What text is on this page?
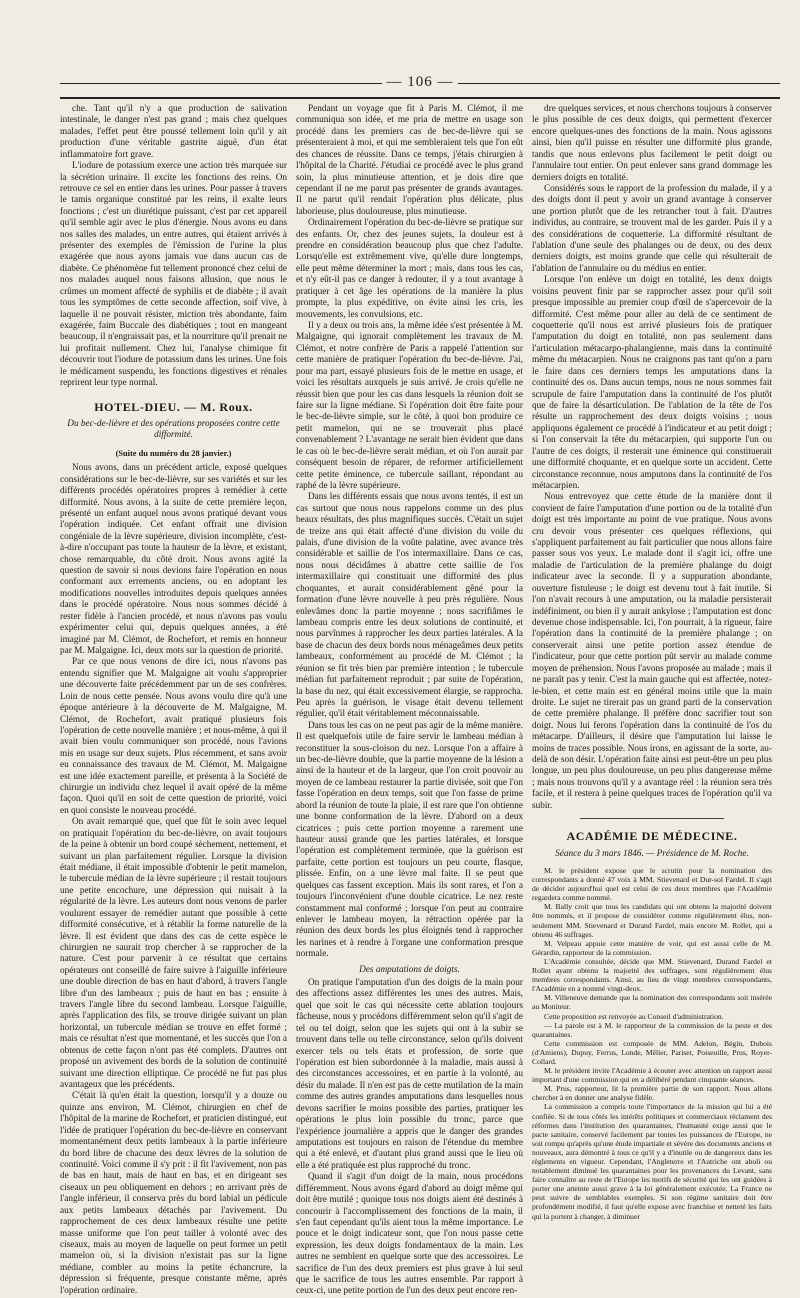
— 106 —

che. Tant qu'il n'y a que production de salivation intestinale, le danger n'est pas grand ; mais chez quelques malades, l'effet peut être poussé tellement loin qu'il y ait production d'une véritable gastrite aiguë, d'un état inflammatoire fort grave.

L'iodure de potassium exerce une action très marquée sur la sécrétion urinaire. Il excite les fonctions des reins. On retrouve ce sel en entier dans les urines. Pour passer à travers le tamis organique constitué par les reins, il exalte leurs fonctions ; c'est un diurétique puissant, c'est par cet appareil qu'il semble agir avec le plus d'énergie. Nous avons eu dans nos salles des malades, un entre autres, qui étaient arrivés à présenter des exemples de l'émission de l'urine la plus exagérée que nous ayons jamais vue dans aucun cas de diabète. Ce phénomène fut tellement prononcé chez celui de nos malades auquel nous faisons allusion, que nous le crûmes un moment affecté de syphilis et de diabète ; il avait tous les symptômes de cette seconde affection, soif vive, à laquelle il ne pouvait résister, miction très abondante, faim exagérée, faim Buccale des diabétiques ; tout en mangeant beaucoup, il n'engraissait pas, et la nourriture qu'il prenait ne lui profitait nullement. Chez lui, l'analyse chimique fit découvrir tout l'iodure de potassium dans les urines. Une fois le médicament suspendu, les fonctions digestives et rénales reprirent leur type normal.

HOTEL-DIEU. — M. Roux.
Du bec-de-lièvre et des opérations proposées contre cette difformité.
(Suite du numéro du 28 janvier.)

Nous avons, dans un précédent article, exposé quelques considérations sur le bec-de-lièvre, sur ses variétés et sur les différents procédés opératoires propres à remédier à cette difformité. Nous avons, à la suite de cette première leçon, présenté un enfant auquel nous avons pratiqué devant vous l'opération indiquée. Cet enfant offrait une division congéniale de la lèvre supérieure, division incomplète, c'est-à-dire n'occupant pas toute la hauteur de la lèvre, et existant, chose remarquable, du côté droit. Nous avons agité la question de savoir si nous devions faire l'opération en nous conformant aux errements anciens, ou en adoptant les modifications nouvelles introduites depuis quelques années dans le procédé opératoire. Nous nous sommes décidé à rester fidèle à l'ancien procédé, et nous n'avons pas voulu expérimenter celui qui, depuis quelques années, a été imaginé par M. Clémot, de Rochefort, et remis en honneur par M. Malgaigne. Ici, deux mots sur la question de priorité.

Par ce que nous venons de dire ici, nous n'avons pas entendu signifier que M. Malgaigne ait voulu s'approprier une découverte faite précédemment par un de ses confrères. Loin de nous cette pensée. Nous avons voulu dire qu'à une époque antérieure à la découverte de M. Malgaigne, M. Clémot, de Rochefort, avait pratiqué plusieurs fois l'opération de cette nouvelle manière ; et nous-même, à qui il avait bien voulu communiquer son procédé, nous l'avions mis en usage sur deux sujets. Plus récemment, et sans avoir eu connaissance des travaux de M. Clémot, M. Malgaigne est une idée exactement pareille, et présenta à la Société de chirurgie un individu chez lequel il avait opéré de la même façon. Quoi qu'il en soit de cette question de priorité, voici en quoi consiste le nouveau procédé.

On avait remarqué que, quel que fût le soin avec lequel on pratiquait l'opération du bec-de-lièvre, on avait toujours de la peine à obtenir un bord coupé sèchement, nettement, et suivant un plan parfaitement régulier. Lorsque la division était médiane, il était impossible d'obtenir le petit mamelon, le tubercule médian de la lèvre supérieure ; il restait toujours une petite encochure, une dépression qui nuisait à la régularité de la lèvre. Les auteurs dont nous venons de parler voulurent essayer de remédier autant que possible à cette difformité consécutive, et à rétablir la forme naturelle de la lèvre. Il est évident que dans des cas de cette espèce le chirurgien ne saurait trop chercher à se rapprocher de la nature. C'est pour parvenir à ce résultat que certains opérateurs ont conseillé de faire suivre à l'aiguille inférieure une double direction de bas en haut d'abord, à travers l'angle libre d'un des lambeaux ; puis de haut en bas ; ensuite à travers l'angle libre du second lambeau. Lorsque l'aiguille, après l'application des fils, se trouve dirigée suivant un plan horizontal, un tubercule médian se trouve en effet formé ; mais ce résultat n'est que momentané, et les succès que l'on a obtenus de cette façon n'ont pas été complets. D'autres ont proposé un avivement des bords de la solution de continuité suivant une direction elliptique. Ce procédé ne fut pas plus avantageux que les précédents.

C'était là qu'en était la question, lorsqu'il y a douze ou quinze ans environ, M. Clémot, chirurgien en chef de l'hôpital de la marine de Rochefort, et praticien distingué, eut l'idée de pratiquer l'opération du bec-de-lièvre en conservant momentanément deux petits lambeaux à la partie inférieure du bord libre de chacune des deux lèvres de la solution de continuité. Voici comme il s'y prit : il fit l'avivement, non pas de bas en haut, mais de haut en bas, et en dirigeant ses ciseaux un peu obliquement en dehors ; en arrivant près de l'angle inférieur, il conserva près du bord labial un pédicule aux petits lambeaux détachés par l'avivement. Du rapprochement de ces deux lambeaux résulte une petite masse uniforme que l'on peut tailler à volonté avec des ciseaux, mais au moyen de laquelle on peut former un petit mamelon où, si la division n'existait pas sur la ligne médiane, combler au moins la petite échancrure, la dépression si fréquente, presque constante même, après l'opération ordinaire.

Pendant un voyage que fit à Paris M. Clémot, il me communiqua son idée, et me pria de mettre en usage son procédé dans les premiers cas de bec-de-lièvre qui se présenteraient à moi, et qui me sembleraient tels que l'on eût des chances de réussite. Dans ce temps, j'étais chirurgien à l'hôpital de la Charité. J'étudiai ce procédé avec le plus grand soin, la plus minutieuse attention, et je dois dire que cependant il ne me parut pas présenter de grands avantages. Il ne parut qu'il rendait l'opération plus délicate, plus laborieuse, plus douloureuse, plus minutieuse.

Ordinairement l'opération du bec-de-lièvre se pratique sur des enfants. Or, chez des jeunes sujets, la douleur est à prendre en considération beaucoup plus que chez l'adulte. Lorsqu'elle est extrêmement vive, qu'elle dure longtemps, elle peut même déterminer la mort ; mais, dans tous les cas, et n'y eût-il pas ce danger à redouter, il y a tout avantage à pratiquer à cet âge les opérations de la manière la plus prompte, la plus expéditive, on évite ainsi les cris, les mouvements, les convulsions, etc.

Il y a deux ou trois ans, la même idée s'est présentée à M. Malgaigne, qui ignorait complètement les travaux de M. Clémot, et notre confrère de Paris a rappelé l'attention sur cette manière de pratiquer l'opération du bec-de-lièvre. J'ai, pour ma part, essayé plusieurs fois de le mettre en usage, et voici les résultats auxquels je suis arrivé. Je crois qu'elle ne réussit bien que pour les cas dans lesquels la réunion doit se faire sur la ligne médiane. Si l'opération doit être faite pour le bec-de-lièvre simple, sur le côté, à quoi bon produire ce petit mamelon, qui ne se trouverait plus placé convenablement ? L'avantage ne serait bien évident que dans le cas où le bec-de-lièvre serait médian, et où l'on aurait par conséquent besoin de réparer, de reformer artificiellement cette petite éminence, ce tubercule saillant, répondant au raphé de la lèvre supérieure.

Dans les différents essais que nous avons tentés, il est un cas surtout que nous nous rappelons comme un des plus beaux résultats, des plus magnifiques succès. C'était un sujet de treize ans qui était affecté d'une division du voile du palais, d'une division de la voûte palatine, avec avance très considérable et saillie de l'os intermaxillaire. Dans ce cas, nous nous décidâmes à abattre cette saillie de l'os intermaxillaire qui constituait une difformité des plus choquantes, et aurait considérablement gêné pour la formation d'une lèvre nouvelle à peu près régulière. Nous enlevâmes donc la partie moyenne ; nous sacrifiâmes le lambeau compris entre les deux solutions de continuité, et nous parvînmes à rapprocher les deux parties latérales. A la base de chacun des deux bords nous ménageâmes deux petits lambeaux, conformément au procédé de M. Clémot ; la réunion se fit très bien par première intention ; le tubercule médian fut parfaitement reproduit ; par suite de l'opération, la base du nez, qui était excessivement élargie, se rapprocha. Peu après la guérison, le visage était devenu tellement régulier, qu'il était véritablement méconnaissable.

Dans tous les cas on ne peut pas agir de la même manière. Il est quelquefois utile de faire servir le lambeau médian à reconstituer la sous-cloison du nez. Lorsque l'on a affaire à un bec-de-lièvre double, que la partie moyenne de la lésion a ainsi de la hauteur et de la largeur, que l'on croit pouvoir au moyen de ce lambeau restaurer la partie divisée, soit que l'on fasse l'opération en deux temps, soit que l'on fasse de prime abord la réunion de toute la plaie, il est rare que l'on obtienne une bonne conformation de la lèvre. D'abord on a deux cicatrices ; puis cette portion moyenne a rarement une hauteur aussi grande que les parties latérales, et lorsque l'opération est complètement terminée, que la guérison est parfaite, cette portion est toujours un peu courte, flasque, plissée. Enfin, on a une lèvre mal faite. Il se peut que quelques cas fassent exception. Mais ils sont rares, et l'on a toujours l'inconvénient d'une double cicatrice. Le nez reste constamment mal conformé ; lorsque l'on peut au contraire enlever le lambeau moyen, la rétraction opérée par la réunion des deux bords les plus éloignés tend à rapprocher les narines et à rendre à l'organe une conformation presque normale.

Des amputations de doigts.

On pratique l'amputation d'un des doigts de la main pour des affections assez différentes les unes des autres. Mais, quel que soit le cas qui nécessite cette ablation toujours fâcheuse, nous y procédons différemment selon qu'il s'agit de tel ou tel doigt, selon que les sujets qui ont à la subir se trouvent dans telle ou telle circonstance, selon qu'ils doivent exercer tels ou tels états et profession, de sorte que l'opération est bien subordonnée à la maladie, mais aussi à des circonstances accessoires, et en partie à la volonté, au désir du malade. Il n'en est pas de cette mutilation de la main comme des autres grandes amputations dans lesquelles nous devons sacrifier le moins possible des parties, pratiquer les opérations le plus loin possible du tronc, parce que l'expérience journalière a appris que le danger des grandes amputations est toujours en raison de l'étendue du membre qui a été enlevé, et d'autant plus grand aussi que le lieu où elle a été pratiquée est plus rapproché du tronc.

Quand il s'agit d'un doigt de la main, nous procédons différemment. Nous avons égard d'abord au doigt même qui doit être mutilé ; quoique tous nos doigts aient été destinés à concourir à l'accomplissement des fonctions de la main, il s'en faut cependant qu'ils aient tous la même importance. Le pouce et le doigt indicateur sont, que l'on nous passe cette expression, les deux doigts fondamentaux de la main. Les autres ne semblent en quelque sorte que des accessoires. Le sacrifice de l'un des deux premiers est plus grave à lui seul que le sacrifice de tous les autres ensemble. Par rapport à ceux-ci, une petite portion de l'un des deux peut encore ren-

dre quelques services, et nous cherchons toujours à conserver le plus possible de ces deux doigts, qui permettent d'exercer encore quelques-unes des fonctions de la main. Nous agissons ainsi, bien qu'il puisse en résulter une difformité plus grande, tandis que nous enlevons plus facilement le petit doigt ou l'annulaire tout entier. On peut enlever sans grand dommage les derniers doigts en totalité.

Considérés sous le rapport de la profession du malade, il y a des doigts dont il peut y avoir un grand avantage à conserver une portion plutôt que de les retrancher tout à fait. D'autres individus, au contraire, se trouvent mal de les garder. Puis il y a des considérations de coquetterie. La difformité résultant de l'ablation d'une seule des phalanges ou de deux, ou des deux derniers doigts, est moins grande que celle qui résulterait de l'ablation de l'annulaire ou du médius en entier.

Lorsque l'on enlève un doigt en totalité, les deux doigts voisins peuvent finir par se rapprocher assez pour qu'il soit presque impossible au premier coup d'œil de s'apercevoir de la difformité. C'est même pour aller au delà de ce sentiment de coquetterie qu'il nous est arrivé plusieurs fois de pratiquer l'amputation du doigt en totalité, non pas seulement dans l'articulation métacarpo-phalangienne, mais dans la continuité même du métacarpien. Nous ne craignons pas tant qu'on a paru le faire dans ces derniers temps les amputations dans la continuité des os. Dans aucun temps, nous ne nous sommes fait scrupule de faire l'amputation dans la continuité de l'os plutôt que de faire la désarticulation. De l'ablation de la tête de l'os résulte un rapprochement des deux doigts voisins ; nous appliquons également ce procédé à l'indicateur et au petit doigt ; si l'on conservait la tête du métacarpien, qui supporte l'un ou l'autre de ces doigts, il resterait une éminence qui constituerait une difformité choquante, et en quelque sorte un accident. Cette circonstance reconnue, nous amputons dans la continuité de l'os métacarpien.

Nous entrevoyez que cette étude de la manière dont il convient de faire l'amputation d'une portion ou de la totalité d'un doigt est très importante au point de vue pratique. Nous avons cru devoir vous présenter ces quelques réflexions, qui s'appliquent parfaitement au fait particulier que nous allons faire passer sous vos yeux. Le malade dont il s'agit ici, offre une maladie de l'articulation de la première phalange du doigt indicateur avec la seconde. Il y a suppuration abondante, ouverture fistuleuse ; le doigt est devenu tout à fait inutile. Si l'on n'avait recours à une amputation, ou la maladie persisterait indéfiniment, ou bien il y aurait ankylose ; l'amputation est donc devenue chose indispensable. Ici, l'on pourrait, à la rigueur, faire l'opération dans la continuité de la première phalange ; on conserverait ainsi une petite portion assez étendue de l'indicateur, pour que cette portion pût servir au malade comme moyen de préhension. Nous l'avons proposée au malade ; mais il ne paraît pas y tenir. C'est la main gauche qui est affectée, notez-le-bien, et cette main est en général moins utile que la main droite. Le sujet ne tirerait pas un grand parti de la conservation de cette première phalange. Il préfère donc sacrifier tout son doigt. Nous lui ferons l'opération dans la continuité de l'os du métacarpe. D'ailleurs, il désire que l'amputation lui laisse le moins de traces possible. Nous irons, en agissant de la sorte, au-delà de son désir. L'opération faite ainsi est peut-être un peu plus longue, un peu plus douloureuse, un peu plus dangereuse même ; mais nous trouvons qu'il y a avantage réel : la réunion sera très facile, et il restera à peine quelques traces de l'opération qu'il va subir.

ACADÉMIE DE MÉDECINE.
Séance du 3 mars 1846. — Présidence de M. Roche.

M. le président expose que le scrutin pour la nomination des correspondants a donné 47 voix à MM. Stievenard et Dur-sol Fardel. Il s'agit de décider aujourd'hui quel est celui de ces deux membres que l'Académie regardera comme nommé.

M. Bally croit que tous les candidats qui ont obtenu la majorité doivent être nommés, et il propose de considérer comme régulièrement élus, non-seulement MM. Stievenard et Durand Fardel, mais encore M. Rollet, qui a obtenu 46 suffrages.

M. Velpeau appuie cette manière de voir, qui est aussi celle de M. Gérardin, rapporteur de la commission.

L'Académie consultée, décide que MM. Stievenard, Durand Fardel et Rollet ayant obtenu la majorité des suffrages, sont régulièrement élus membres correspondants. Ainsi, au lieu de vingt membres correspondants, l'Académie en a nommé vingt-deux.

M. Villeneuve demande que la nomination des correspondants soit insérée au Moniteur.

Cette proposition est renvoyée au Conseil d'administration.

— La parole est à M. le rapporteur de la commission de la peste et des quarantaines.

Cette commission est composée de MM. Adelon, Bégin, Dubois (d'Amiens), Dupuy, Ferrus, Londe, Mêlier, Pariset, Poiseuille, Prus, Royer-Collard.

M. le président invite l'Académie à écouter avec attention un rapport aussi important d'une commission qui en a délibéré pendant cinquante séances.

M. Prus, rapporteur, lit la première partie de son rapport. Nous allons chercher à en donner une analyse fidèle.

La commission a compris toute l'importance de la mission qui lui a été confiée. Si de tous côtés les intérêts politiques et commerciaux réclament des réformes dans l'institution des quarantaines, l'humanité exige aussi que le pacte sanitaire, conservé facilement par toutes les puissances de l'Europe, ne soit rompu qu'après qu'une étude impartiale et sévère des documents anciens et nouveaux, aura démontré à tous ce qu'il y a d'inutile ou de dangereux dans les règlements en vigueur. Cependant, l'Angleterre et l'Autriche ont aboli ou notablement diminué les quarantaines pour les provenances du Levant, sans faire connaître au reste de l'Europe les motifs de sécurité qui les ont guidées à porter une atteinte aussi grave à la loi généralement exécutée. La France ne peut suivre de semblables exemples. Si son régime sanitaire doit être profondément modifié, il faut qu'elle expose avec franchise et netteté les faits qui la portent à changer, à diminuer
